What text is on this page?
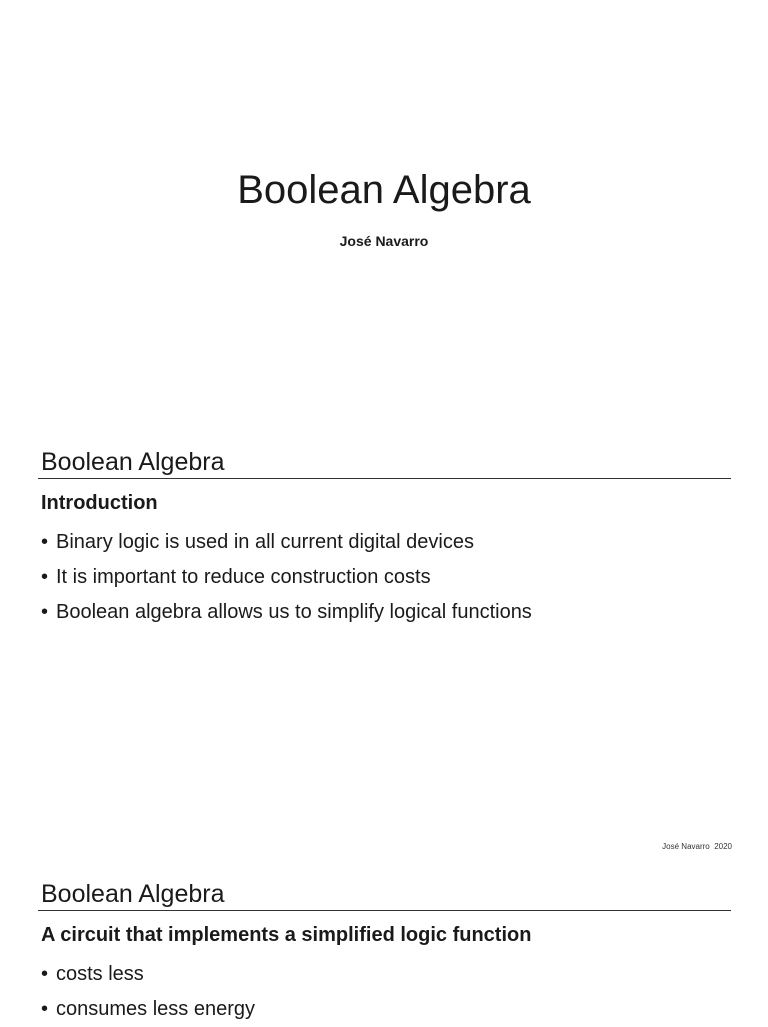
Boolean Algebra

José Navarro

Boolean Algebra

Introduction

• Binary logic is used in all current digital devices
• It is important to reduce construction costs
• Boolean algebra allows us to simplify logical functions
José Navarro  2020
Boolean Algebra

A circuit that implements a simplified logic function

• costs less
• consumes less energy
